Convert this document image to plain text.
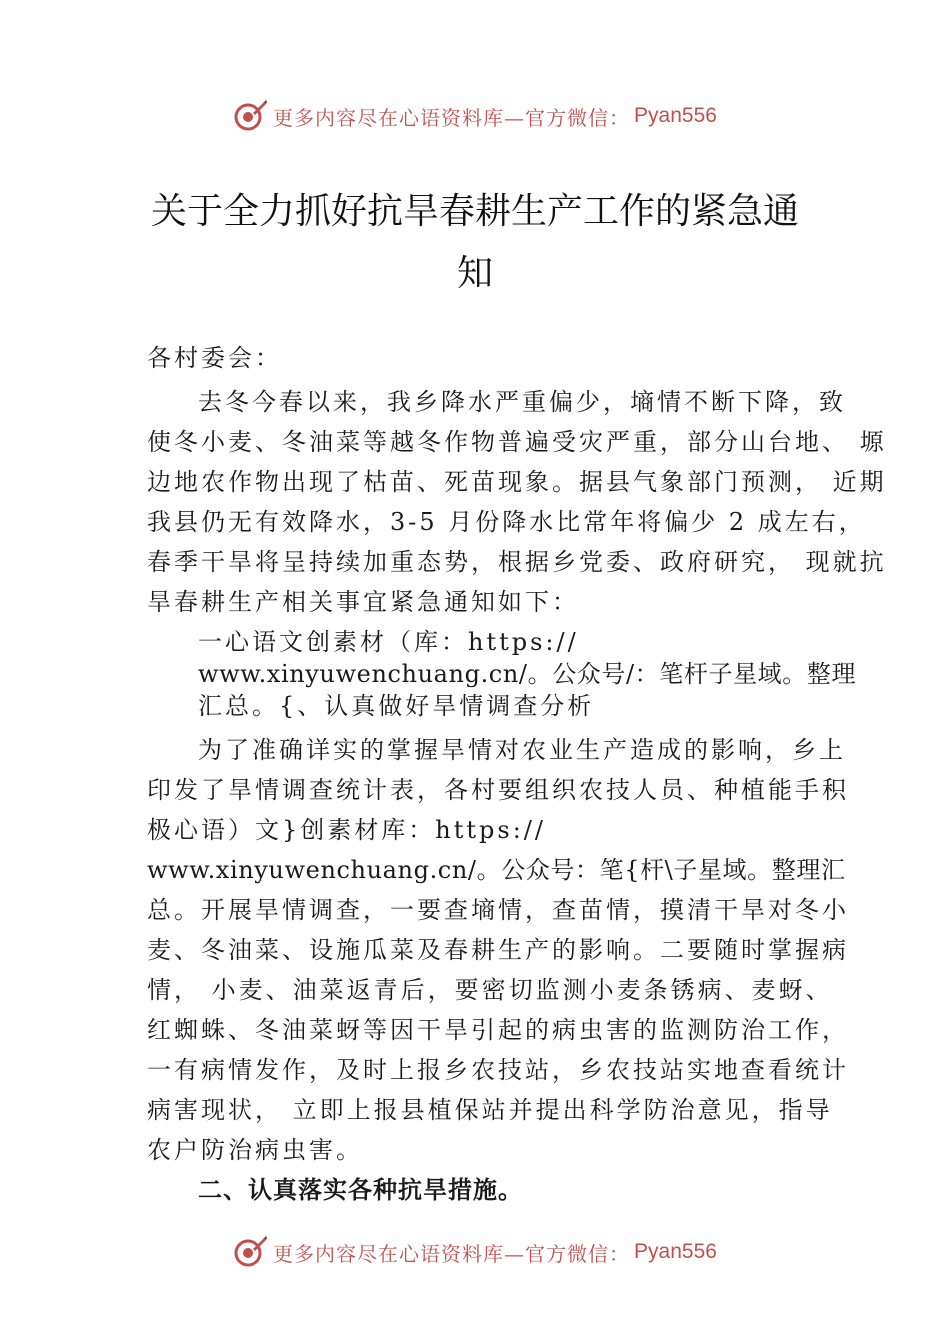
更多内容尽在心语资料库—官方微信： Pyan556
关于全力抓好抗旱春耕生产工作的紧急通
知
各村委会：
去冬今春以来，我乡降水严重偏少，墒情不断下降，致
使冬小麦、冬油菜等越冬作物普遍受灾严重，部分山台地、 塬
边地农作物出现了枯苗、死苗现象。据县气象部门预测， 近期
我县仍无有效降水，3-5 月份降水比常年将偏少 2 成左右，
春季干旱将呈持续加重态势，根据乡党委、政府研究， 现就抗
旱春耕生产相关事宜紧急通知如下：
一心语文创素材（库：https://
www.xinyuwenchuang.cn/。公众号/：笔杆子星域。整理
汇总。{、认真做好旱情调查分析
为了准确详实的掌握旱情对农业生产造成的影响，乡上
印发了旱情调查统计表，各村要组织农技人员、种植能手积
极心语）文}创素材库：https://
www.xinyuwenchuang.cn/。公众号：笔{杆\子星域。整理汇
总。开展旱情调查，一要查墒情，查苗情，摸清干旱对冬小
麦、冬油菜、设施瓜菜及春耕生产的影响。二要随时掌握病
情， 小麦、油菜返青后，要密切监测小麦条锈病、麦蚜、
红蜘蛛、冬油菜蚜等因干旱引起的病虫害的监测防治工作，
一有病情发作，及时上报乡农技站，乡农技站实地查看统计
病害现状， 立即上报县植保站并提出科学防治意见，指导
农户防治病虫害。
二、认真落实各种抗旱措施。
更多内容尽在心语资料库—官方微信： Pyan556
